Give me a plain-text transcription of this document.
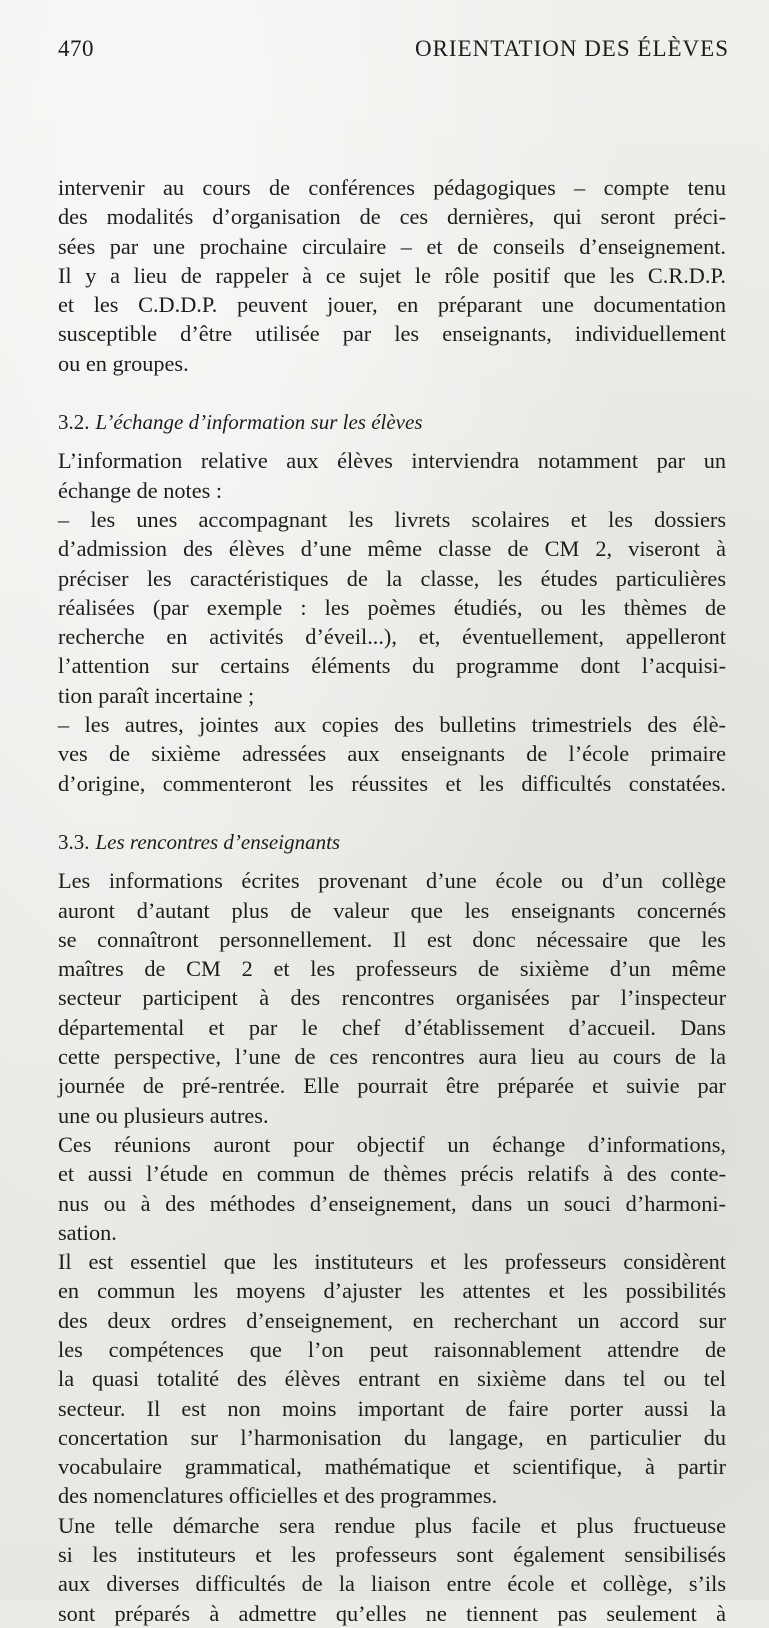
470	ORIENTATION DES ÉLÈVES
intervenir au cours de conférences pédagogiques – compte tenu
des modalités d’organisation de ces dernières, qui seront préci-
sées par une prochaine circulaire – et de conseils d’enseignement.
Il y a lieu de rappeler à ce sujet le rôle positif que les C.R.D.P.
et les C.D.D.P. peuvent jouer, en préparant une documentation
susceptible d’être utilisée par les enseignants, individuellement
ou en groupes.
3.2. L’échange d’information sur les élèves
L’information relative aux élèves interviendra notamment par un
échange de notes :
– les unes accompagnant les livrets scolaires et les dossiers
d’admission des élèves d’une même classe de CM 2, viseront à
préciser les caractéristiques de la classe, les études particulières
réalisées (par exemple : les poèmes étudiés, ou les thèmes de
recherche en activités d’éveil...), et, éventuellement, appelleront
l’attention sur certains éléments du programme dont l’acquisi-
tion paraît incertaine ;
– les autres, jointes aux copies des bulletins trimestriels des élè-
ves de sixième adressées aux enseignants de l’école primaire
d’origine, commenteront les réussites et les difficultés constatées.
3.3. Les rencontres d’enseignants
Les informations écrites provenant d’une école ou d’un collège
auront d’autant plus de valeur que les enseignants concernés
se connaîtront personnellement. Il est donc nécessaire que les
maîtres de CM 2 et les professeurs de sixième d’un même
secteur participent à des rencontres organisées par l’inspecteur
départemental et par le chef d’établissement d’accueil. Dans
cette perspective, l’une de ces rencontres aura lieu au cours de la
journée de pré-rentrée. Elle pourrait être préparée et suivie par
une ou plusieurs autres.
Ces réunions auront pour objectif un échange d’informations,
et aussi l’étude en commun de thèmes précis relatifs à des conte-
nus ou à des méthodes d’enseignement, dans un souci d’harmoni-
sation.
Il est essentiel que les instituteurs et les professeurs considèrent
en commun les moyens d’ajuster les attentes et les possibilités
des deux ordres d’enseignement, en recherchant un accord sur
les compétences que l’on peut raisonnablement attendre de
la quasi totalité des élèves entrant en sixième dans tel ou tel
secteur. Il est non moins important de faire porter aussi la
concertation sur l’harmonisation du langage, en particulier du
vocabulaire grammatical, mathématique et scientifique, à partir
des nomenclatures officielles et des programmes.
Une telle démarche sera rendue plus facile et plus fructueuse
si les instituteurs et les professeurs sont également sensibilisés
aux diverses difficultés de la liaison entre école et collège, s’ils
sont préparés à admettre qu’elles ne tiennent pas seulement à
